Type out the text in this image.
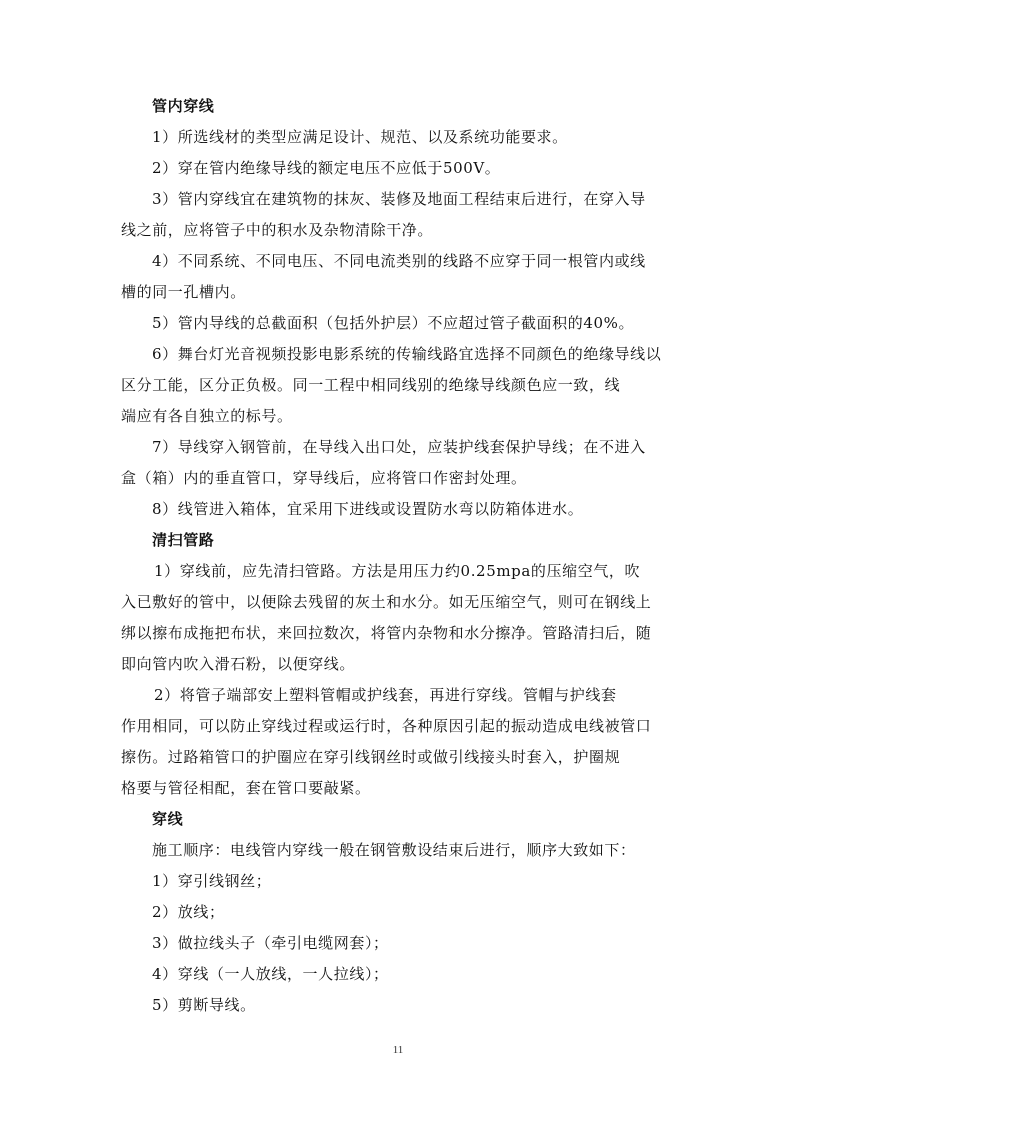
管内穿线
1）所选线材的类型应满足设计、规范、以及系统功能要求。
2）穿在管内绝缘导线的额定电压不应低于500V。
3）管内穿线宜在建筑物的抹灰、装修及地面工程结束后进行，在穿入导
线之前，应将管子中的积水及杂物清除干净。
4）不同系统、不同电压、不同电流类别的线路不应穿于同一根管内或线
槽的同一孔槽内。
5）管内导线的总截面积（包括外护层）不应超过管子截面积的40%。
6）舞台灯光音视频投影电影系统的传输线路宜选择不同颜色的绝缘导线以
区分工能，区分正负极。同一工程中相同线别的绝缘导线颜色应一致，线
端应有各自独立的标号。
7）导线穿入钢管前，在导线入出口处，应装护线套保护导线；在不进入
盒（箱）内的垂直管口，穿导线后，应将管口作密封处理。
8）线管进入箱体，宜采用下进线或设置防水弯以防箱体进水。
清扫管路
1）穿线前，应先清扫管路。方法是用压力约0.25mpa的压缩空气，吹
入已敷好的管中，以便除去残留的灰土和水分。如无压缩空气，则可在钢线上
绑以擦布成拖把布状，来回拉数次，将管内杂物和水分擦净。管路清扫后，随
即向管内吹入滑石粉，以便穿线。
2）将管子端部安上塑料管帽或护线套，再进行穿线。管帽与护线套
作用相同，可以防止穿线过程或运行时，各种原因引起的振动造成电线被管口
擦伤。过路箱管口的护圈应在穿引线钢丝时或做引线接头时套入，护圈规
格要与管径相配，套在管口要敲紧。
穿线
施工顺序：电线管内穿线一般在钢管敷设结束后进行，顺序大致如下：
1）穿引线钢丝；
2）放线；
3）做拉线头子（牵引电缆网套）；
4）穿线（一人放线，一人拉线）；
5）剪断导线。
11
